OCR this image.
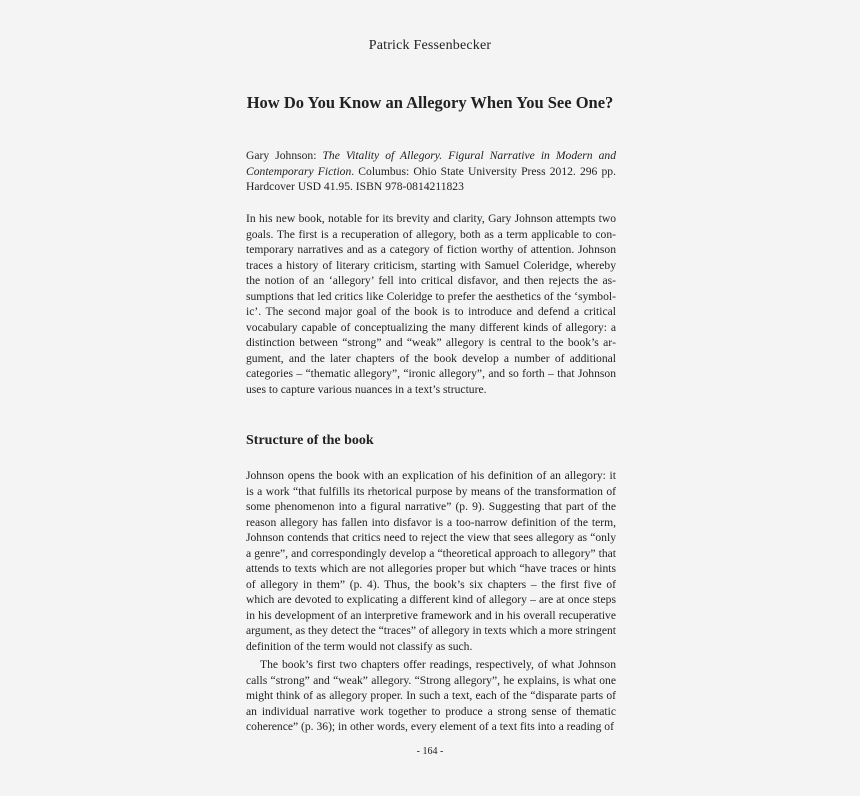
Patrick Fessenbecker
How Do You Know an Allegory When You See One?
Gary Johnson: The Vitality of Allegory. Figural Narrative in Modern and Contemporary Fiction. Columbus: Ohio State University Press 2012. 296 pp. Hardcover USD 41.95. ISBN 978-0814211823

In his new book, notable for its brevity and clarity, Gary Johnson attempts two goals. The first is a recuperation of allegory, both as a term applicable to contemporary narratives and as a category of fiction worthy of attention. Johnson traces a history of literary criticism, starting with Samuel Coleridge, whereby the notion of an ‘allegory’ fell into critical disfavor, and then rejects the assumptions that led critics like Coleridge to prefer the aesthetics of the ‘symbolic’. The second major goal of the book is to introduce and defend a critical vocabulary capable of conceptualizing the many different kinds of allegory: a distinction between “strong” and “weak” allegory is central to the book’s argument, and the later chapters of the book develop a number of additional categories – “thematic allegory”, “ironic allegory”, and so forth – that Johnson uses to capture various nuances in a text’s structure.

Structure of the book

Johnson opens the book with an explication of his definition of an allegory: it is a work “that fulfills its rhetorical purpose by means of the transformation of some phenomenon into a figural narrative” (p. 9). Suggesting that part of the reason allegory has fallen into disfavor is a too-narrow definition of the term, Johnson contends that critics need to reject the view that sees allegory as “only a genre”, and correspondingly develop a “theoretical approach to allegory” that attends to texts which are not allegories proper but which “have traces or hints of allegory in them” (p. 4). Thus, the book’s six chapters – the first five of which are devoted to explicating a different kind of allegory – are at once steps in his development of an interpretive framework and in his overall recuperative argument, as they detect the “traces” of allegory in texts which a more stringent definition of the term would not classify as such.

The book’s first two chapters offer readings, respectively, of what Johnson calls “strong” and “weak” allegory. “Strong allegory”, he explains, is what one might think of as allegory proper. In such a text, each of the “disparate parts of an individual narrative work together to produce a strong sense of thematic coherence” (p. 36); in other words, every element of a text fits into a reading of

- 164 -
